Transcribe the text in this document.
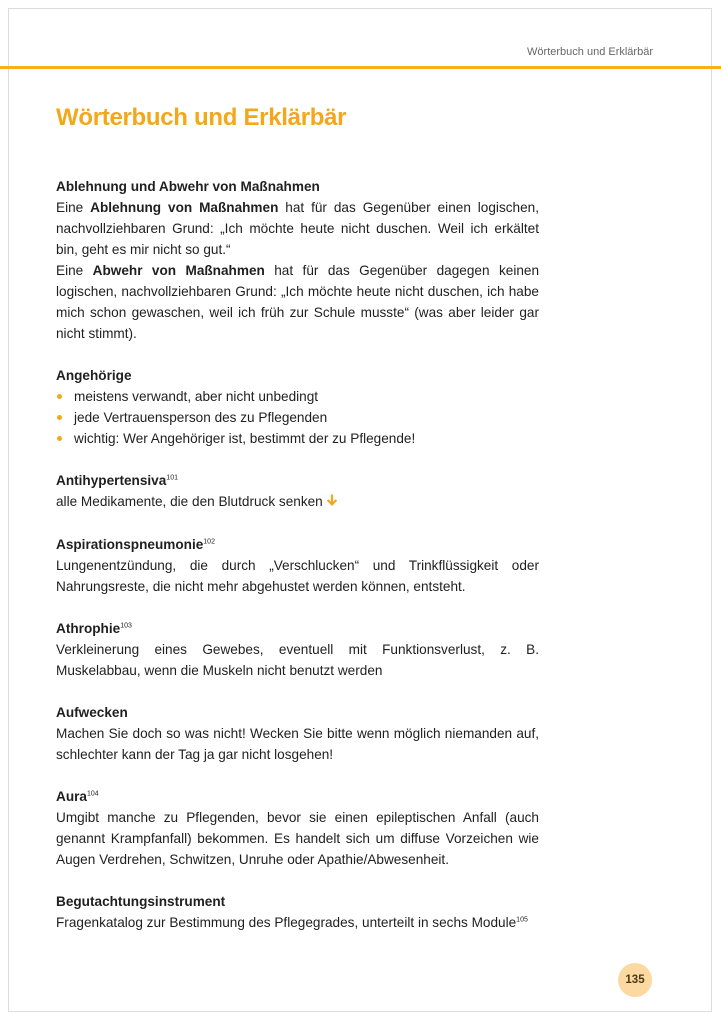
Wörterbuch und Erklärbär
Wörterbuch und Erklärbär

Ablehnung und Abwehr von Maßnahmen

Eine Ablehnung von Maßnahmen hat für das Gegenüber einen logischen, nachvollziehbaren Grund: „Ich möchte heute nicht duschen. Weil ich erkältet bin, geht es mir nicht so gut.“

Eine Abwehr von Maßnahmen hat für das Gegenüber dagegen keinen logischen, nachvollziehbaren Grund: „Ich möchte heute nicht duschen, ich habe mich schon gewaschen, weil ich früh zur Schule musste“ (was aber leider gar nicht stimmt).

Angehörige

meistens verwandt, aber nicht unbedingt
jede Vertrauensperson des zu Pflegenden
wichtig: Wer Angehöriger ist, bestimmt der zu Pflegende!

Antihypertensiva$^{101}$

alle Medikamente, die den Blutdruck senken

Aspirationspneumonie$^{102}$

Lungenentzündung, die durch „Verschlucken“ und Trinkflüssigkeit oder Nahrungsreste, die nicht mehr abgehustet werden können, entsteht.

Athrophie$^{103}$

Verkleinerung eines Gewebes, eventuell mit Funktionsverlust, z. B. Muskelabbau, wenn die Muskeln nicht benutzt werden

Aufwecken

Machen Sie doch so was nicht! Wecken Sie bitte wenn möglich niemanden auf, schlechter kann der Tag ja gar nicht losgehen!

Aura$^{104}$

Umgibt manche zu Pflegenden, bevor sie einen epileptischen Anfall (auch genannt Krampfanfall) bekommen. Es handelt sich um diffuse Vorzeichen wie Augen Verdrehen, Schwitzen, Unruhe oder Apathie/Abwesenheit.

Begutachtungsinstrument

Fragenkatalog zur Bestimmung des Pflegegrades, unterteilt in sechs Module$^{105}$

135
